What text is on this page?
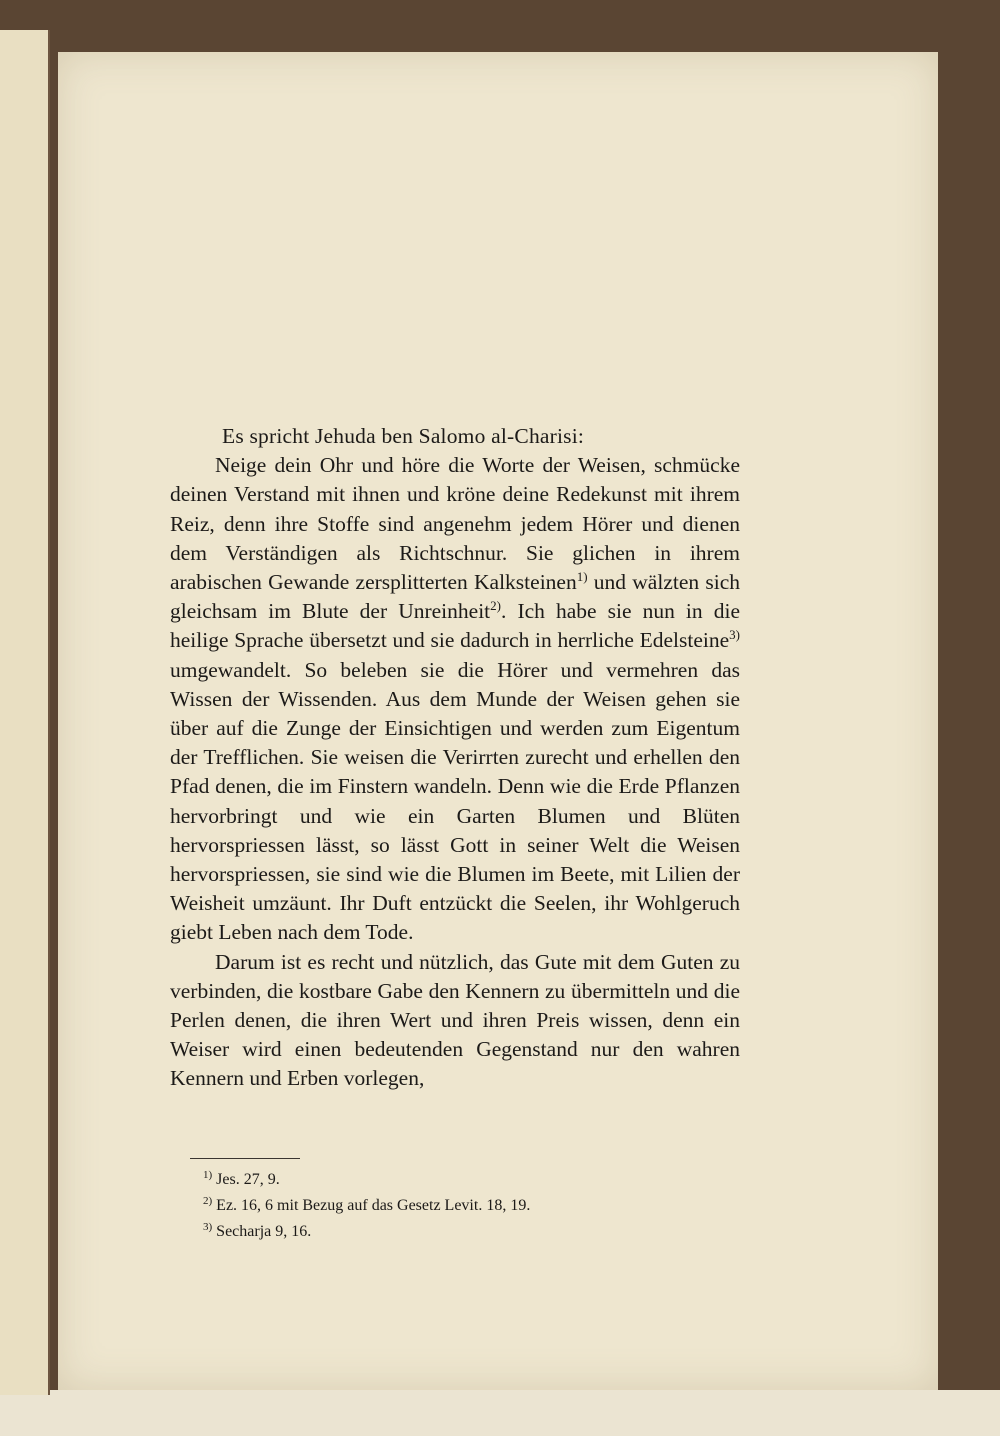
Es spricht Jehuda ben Salomo al-Charisi:

Neige dein Ohr und höre die Worte der Weisen, schmücke deinen Verstand mit ihnen und kröne deine Redekunst mit ihrem Reiz, denn ihre Stoffe sind angenehm jedem Hörer und dienen dem Verständigen als Richtschnur. Sie glichen in ihrem arabischen Gewande zersplitterten Kalksteinen$^{1)}$ und wälzten sich gleichsam im Blute der Unreinheit$^{2)}$. Ich habe sie nun in die heilige Sprache übersetzt und sie dadurch in herrliche Edelsteine$^{3)}$ umgewandelt. So beleben sie die Hörer und vermehren das Wissen der Wissenden. Aus dem Munde der Weisen gehen sie über auf die Zunge der Einsichtigen und werden zum Eigentum der Trefflichen. Sie weisen die Verirrten zurecht und erhellen den Pfad denen, die im Finstern wandeln. Denn wie die Erde Pflanzen hervorbringt und wie ein Garten Blumen und Blüten hervorspriessen lässt, so lässt Gott in seiner Welt die Weisen hervorspriessen, sie sind wie die Blumen im Beete, mit Lilien der Weisheit umzäunt. Ihr Duft entzückt die Seelen, ihr Wohlgeruch giebt Leben nach dem Tode.

Darum ist es recht und nützlich, das Gute mit dem Guten zu verbinden, die kostbare Gabe den Kennern zu übermitteln und die Perlen denen, die ihren Wert und ihren Preis wissen, denn ein Weiser wird einen bedeutenden Gegenstand nur den wahren Kennern und Erben vorlegen,

$^{1)}$ Jes. 27, 9.

$^{2)}$ Ez. 16, 6 mit Bezug auf das Gesetz Levit. 18, 19.

$^{3)}$ Secharja 9, 16.
